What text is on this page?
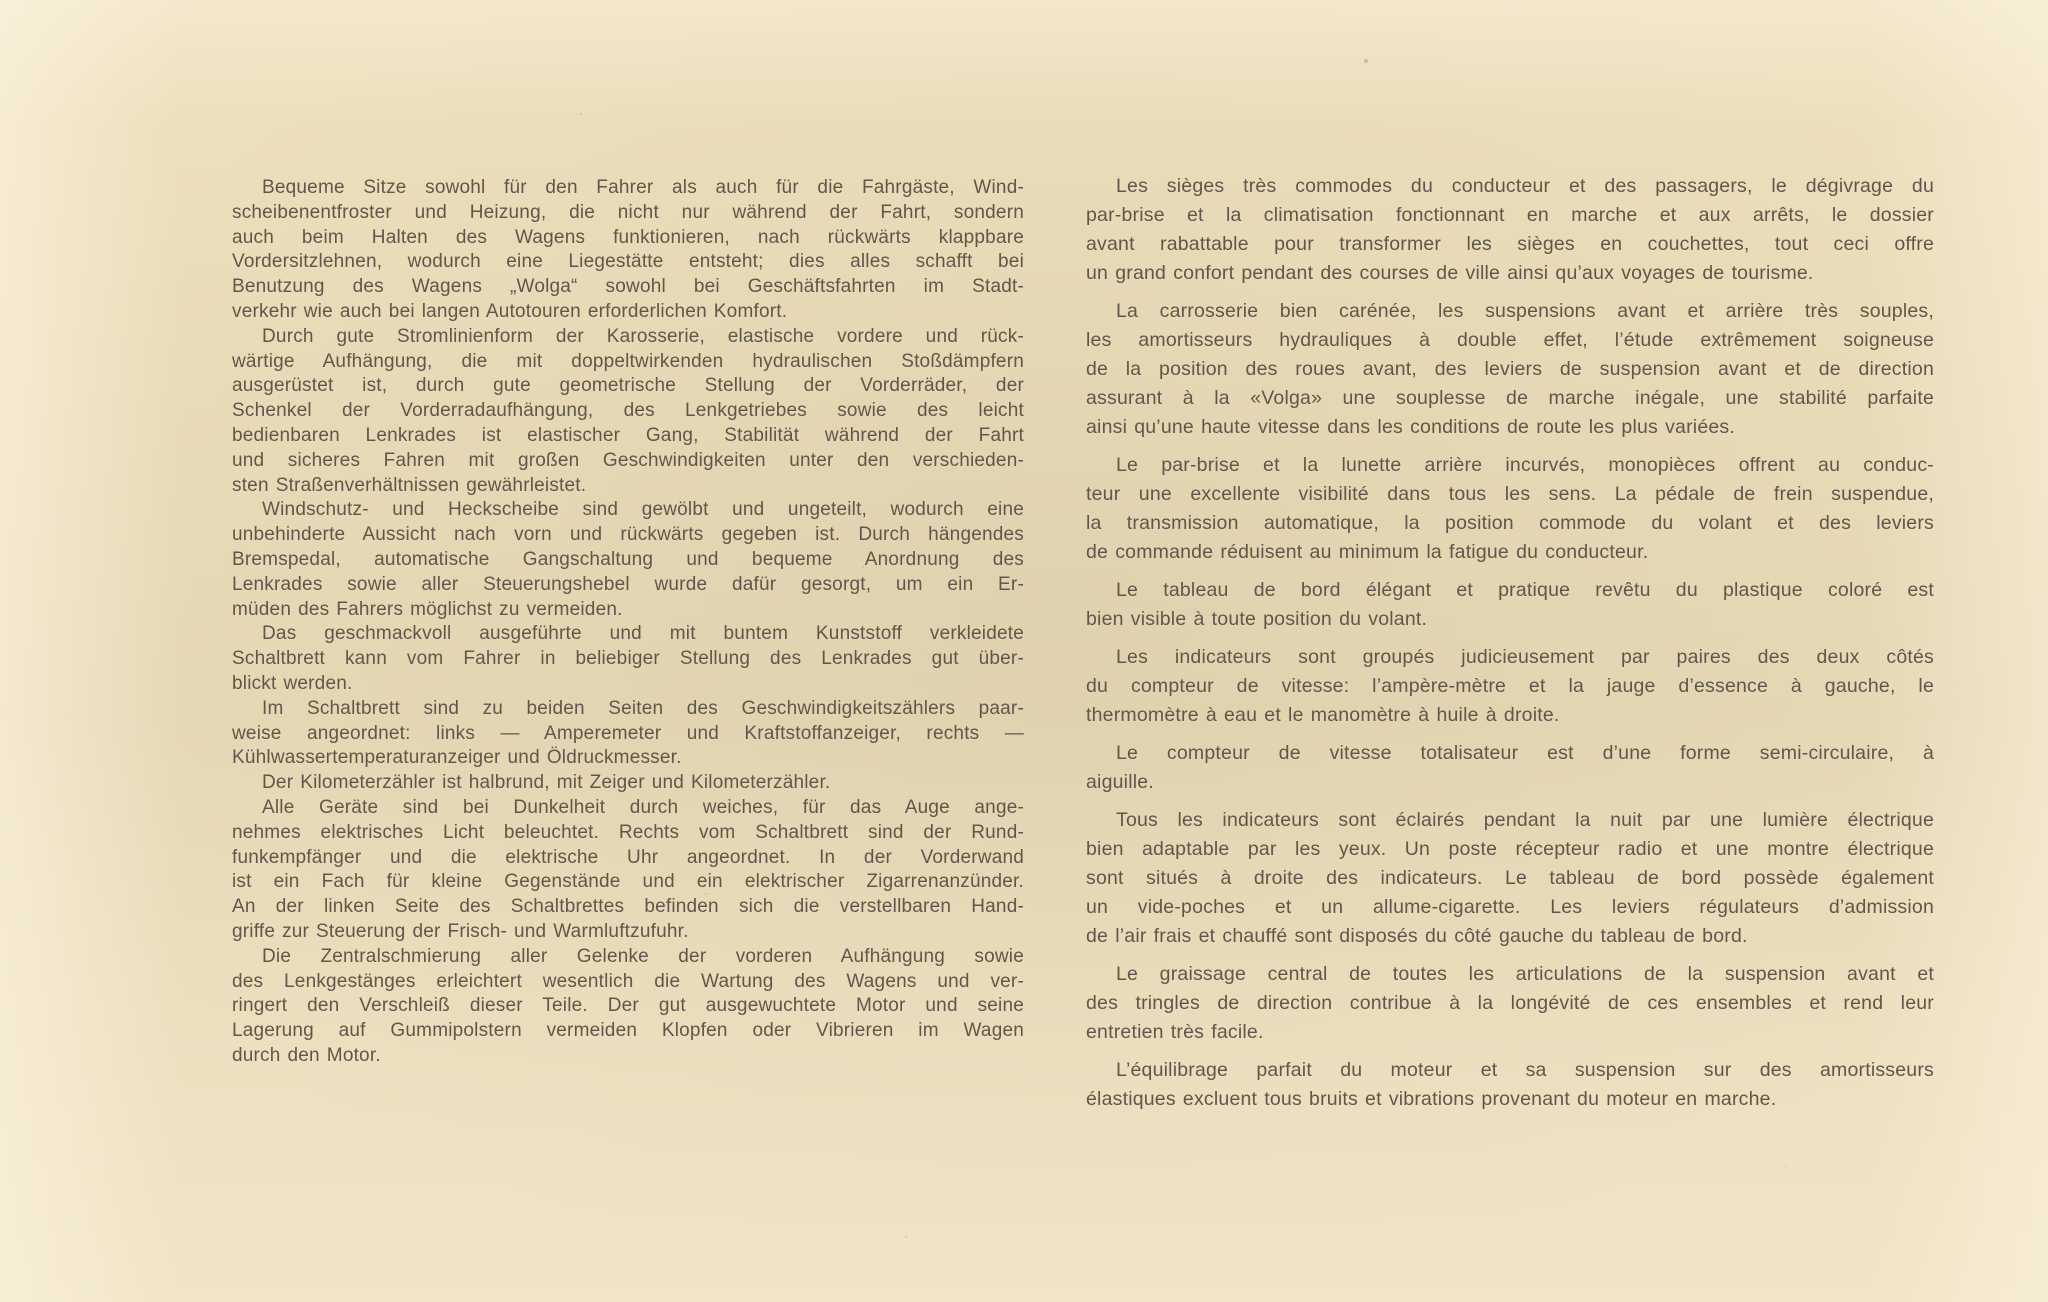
Bequeme Sitze sowohl für den Fahrer als auch für die Fahrgäste, Wind-
scheibenentfroster und Heizung, die nicht nur während der Fahrt, sondern
auch beim Halten des Wagens funktionieren, nach rückwärts klappbare
Vordersitzlehnen, wodurch eine Liegestätte entsteht; dies alles schafft bei
Benutzung des Wagens „Wolga“ sowohl bei Geschäftsfahrten im Stadt-
verkehr wie auch bei langen Autotouren erforderlichen Komfort.

Durch gute Stromlinienform der Karosserie, elastische vordere und rück-
wärtige Aufhängung, die mit doppeltwirkenden hydraulischen Stoßdämpfern
ausgerüstet ist, durch gute geometrische Stellung der Vorderräder, der
Schenkel der Vorderradaufhängung, des Lenkgetriebes sowie des leicht
bedienbaren Lenkrades ist elastischer Gang, Stabilität während der Fahrt
und sicheres Fahren mit großen Geschwindigkeiten unter den verschieden-
sten Straßenverhältnissen gewährleistet.

Windschutz- und Heckscheibe sind gewölbt und ungeteilt, wodurch eine
unbehinderte Aussicht nach vorn und rückwärts gegeben ist. Durch hängendes
Bremspedal, automatische Gangschaltung und bequeme Anordnung des
Lenkrades sowie aller Steuerungshebel wurde dafür gesorgt, um ein Er-
müden des Fahrers möglichst zu vermeiden.

Das geschmackvoll ausgeführte und mit buntem Kunststoff verkleidete
Schaltbrett kann vom Fahrer in beliebiger Stellung des Lenkrades gut über-
blickt werden.

Im Schaltbrett sind zu beiden Seiten des Geschwindigkeitszählers paar-
weise angeordnet: links — Amperemeter und Kraftstoffanzeiger, rechts —
Kühlwassertemperaturanzeiger und Öldruckmesser.

Der Kilometerzähler ist halbrund, mit Zeiger und Kilometerzähler.

Alle Geräte sind bei Dunkelheit durch weiches, für das Auge ange-
nehmes elektrisches Licht beleuchtet. Rechts vom Schaltbrett sind der Rund-
funkempfänger und die elektrische Uhr angeordnet. In der Vorderwand
ist ein Fach für kleine Gegenstände und ein elektrischer Zigarrenanzünder.
An der linken Seite des Schaltbrettes befinden sich die verstellbaren Hand-
griffe zur Steuerung der Frisch- und Warmluftzufuhr.

Die Zentralschmierung aller Gelenke der vorderen Aufhängung sowie
des Lenkgestänges erleichtert wesentlich die Wartung des Wagens und ver-
ringert den Verschleiß dieser Teile. Der gut ausgewuchtete Motor und seine
Lagerung auf Gummipolstern vermeiden Klopfen oder Vibrieren im Wagen
durch den Motor.

Les sièges très commodes du conducteur et des passagers, le dégivrage du
par-brise et la climatisation fonctionnant en marche et aux arrêts, le dossier
avant rabattable pour transformer les sièges en couchettes, tout ceci offre
un grand confort pendant des courses de ville ainsi qu’aux voyages de tourisme.

La carrosserie bien carénée, les suspensions avant et arrière très souples,
les amortisseurs hydrauliques à double effet, l’étude extrêmement soigneuse
de la position des roues avant, des leviers de suspension avant et de direction
assurant à la «Volga» une souplesse de marche inégale, une stabilité parfaite
ainsi qu’une haute vitesse dans les conditions de route les plus variées.

Le par-brise et la lunette arrière incurvés, monopièces offrent au conduc-
teur une excellente visibilité dans tous les sens. La pédale de frein suspendue,
la transmission automatique, la position commode du volant et des leviers
de commande réduisent au minimum la fatigue du conducteur.

Le tableau de bord élégant et pratique revêtu du plastique coloré est
bien visible à toute position du volant.

Les indicateurs sont groupés judicieusement par paires des deux côtés
du compteur de vitesse: l’ampère-mètre et la jauge d’essence à gauche, le
thermomètre à eau et le manomètre à huile à droite.

Le compteur de vitesse totalisateur est d’une forme semi-circulaire, à
aiguille.

Tous les indicateurs sont éclairés pendant la nuit par une lumière électrique
bien adaptable par les yeux. Un poste récepteur radio et une montre électrique
sont situés à droite des indicateurs. Le tableau de bord possède également
un vide-poches et un allume-cigarette. Les leviers régulateurs d’admission
de l’air frais et chauffé sont disposés du côté gauche du tableau de bord.

Le graissage central de toutes les articulations de la suspension avant et
des tringles de direction contribue à la longévité de ces ensembles et rend leur
entretien très facile.

L’équilibrage parfait du moteur et sa suspension sur des amortisseurs
élastiques excluent tous bruits et vibrations provenant du moteur en marche.
